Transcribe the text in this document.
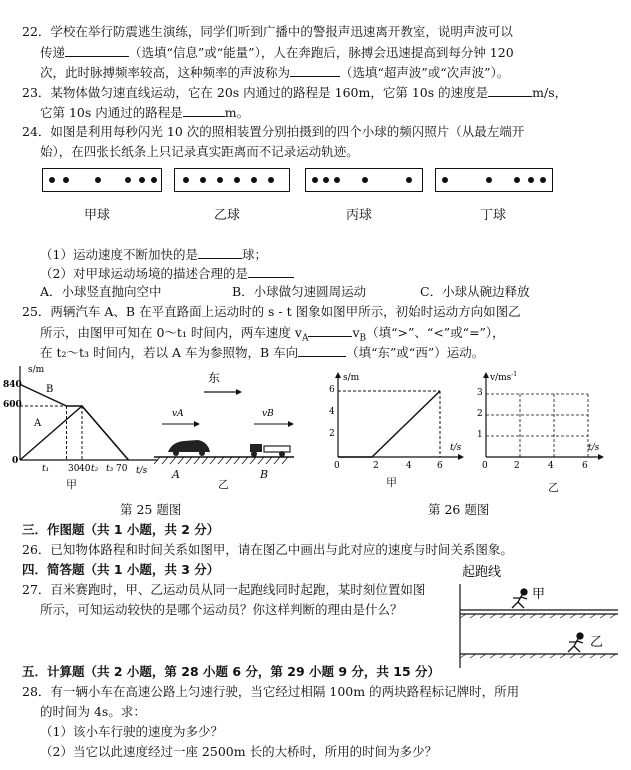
22．学校在举行防震逃生演练，同学们听到广播中的警报声迅速离开教室，说明声波可以
传递	（选填“信息”或“能量”），人在奔跑后，脉搏会迅速提高到每分钟 120
次，此时脉搏频率较高，这种频率的声波称为	（选填“超声波”或“次声波”）。
23．某物体做匀速直线运动，它在 20s 内通过的路程是 160m，它第 10s 的速度是	m/s，
它第 10s 内通过的路程是	m。
24．如图是利用每秒闪光 10 次的照相装置分别拍摄到的四个小球的频闪照片（从最左端开
始），在四张长纸条上只记录真实距离而不记录运动轨迹。
甲球	乙球	丙球	丁球
（1）运动速度不断加快的是	球；
（2）对甲球运动场境的描述合理的是
A．小球竖直抛向空中	B．小球做匀速圆周运动	C．小球从碗边释放
25．两辆汽车 A、B 在平直路面上运动时的 s - t 图象如图甲所示，初始时运动方向如图乙
所示，由图甲可知在 0～t₁ 时间内，两车速度 $v_A$	$v_B$（填“>”、“<”或“=”），
在 t₂～t₃ 时间内，若以 A 车为参照物，B 车向	（填“东”或“西”）运动。
s/m
t/s
840
600
0
t₁ 30 40 t₂ t₃ 70
A
B
东
vA	vB
A	B
甲	乙
第 25 题图
s/m
t/s
6
4
2
0	2	4	6
甲
$v/ms^{-1}$
t/s
3
2
1
0	2	4	6
乙
第 26 题图
三．作图题（共 1 小题，共 2 分）
26．已知物体路程和时间关系如图甲，请在图乙中画出与此对应的速度与时间关系图象。
四．简答题（共 1 小题，共 3 分）
27．百米赛跑时，甲、乙运动员从同一起跑线同时起跑，某时刻位置如图
所示，可知运动较快的是哪个运动员？你这样判断的理由是什么？
起跑线
甲
乙
五．计算题（共 2 小题，第 28 小题 6 分，第 29 小题 9 分，共 15 分）
28．有一辆小车在高速公路上匀速行驶，当它经过相隔 100m 的两块路程标记牌时，所用
的时间为 4s。求：
（1）该小车行驶的速度为多少？
（2）当它以此速度经过一座 2500m 长的大桥时，所用的时间为多少？
